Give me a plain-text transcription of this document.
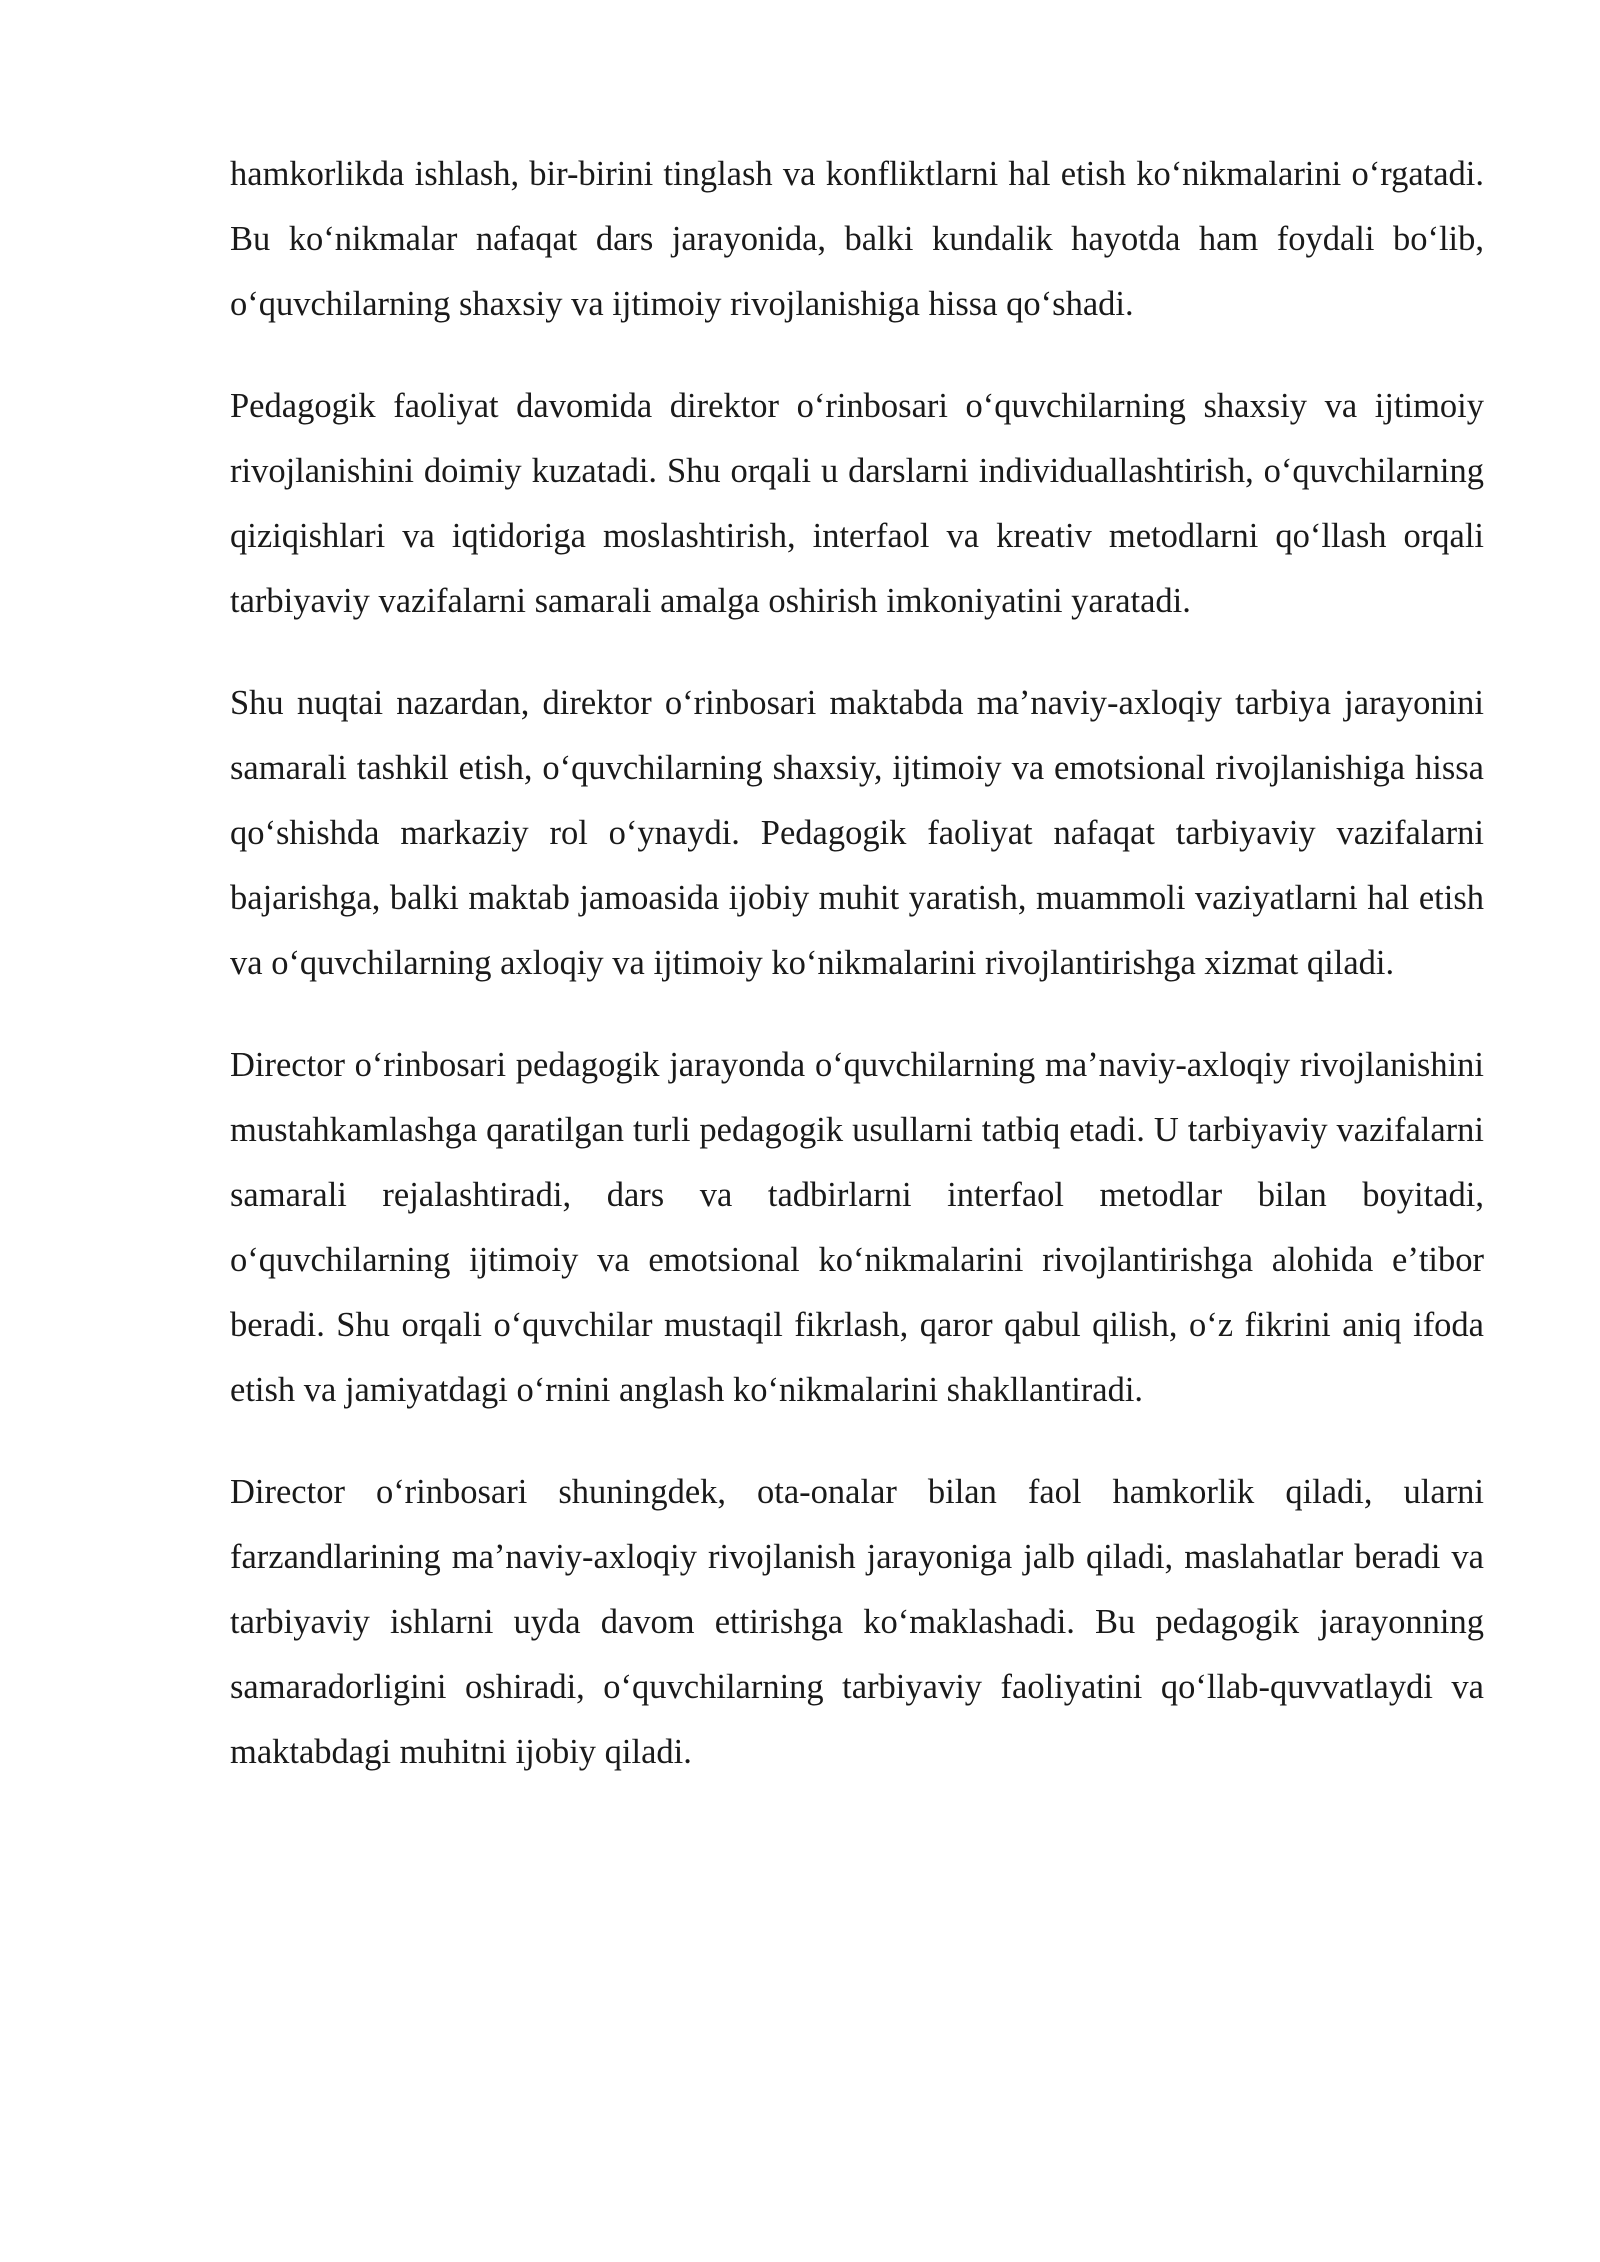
hamkorlikda ishlash, bir-birini tinglash va konfliktlarni hal etish koʻnikmalarini oʻrgatadi. Bu koʻnikmalar nafaqat dars jarayonida, balki kundalik hayotda ham foydali boʻlib, oʻquvchilarning shaxsiy va ijtimoiy rivojlanishiga hissa qoʻshadi.

Pedagogik faoliyat davomida direktor oʻrinbosari oʻquvchilarning shaxsiy va ijtimoiy rivojlanishini doimiy kuzatadi. Shu orqali u darslarni individuallashtirish, oʻquvchilarning qiziqishlari va iqtidoriga moslashtirish, interfaol va kreativ metodlarni qoʻllash orqali tarbiyaviy vazifalarni samarali amalga oshirish imkoniyatini yaratadi.

Shu nuqtai nazardan, direktor oʻrinbosari maktabda maʼnaviy-axloqiy tarbiya jarayonini samarali tashkil etish, oʻquvchilarning shaxsiy, ijtimoiy va emotsional rivojlanishiga hissa qoʻshishda markaziy rol oʻynaydi. Pedagogik faoliyat nafaqat tarbiyaviy vazifalarni bajarishga, balki maktab jamoasida ijobiy muhit yaratish, muammoli vaziyatlarni hal etish va oʻquvchilarning axloqiy va ijtimoiy koʻnikmalarini rivojlantirishga xizmat qiladi.

Director oʻrinbosari pedagogik jarayonda oʻquvchilarning maʼnaviy-axloqiy rivojlanishini mustahkamlashga qaratilgan turli pedagogik usullarni tatbiq etadi. U tarbiyaviy vazifalarni samarali rejalashtiradi, dars va tadbirlarni interfaol metodlar bilan boyitadi, oʻquvchilarning ijtimoiy va emotsional koʻnikmalarini rivojlantirishga alohida eʼtibor beradi. Shu orqali oʻquvchilar mustaqil fikrlash, qaror qabul qilish, oʻz fikrini aniq ifoda etish va jamiyatdagi oʻrnini anglash koʻnikmalarini shakllantiradi.

Director oʻrinbosari shuningdek, ota-onalar bilan faol hamkorlik qiladi, ularni farzandlarining maʼnaviy-axloqiy rivojlanish jarayoniga jalb qiladi, maslahatlar beradi va tarbiyaviy ishlarni uyda davom ettirishga koʻmaklashadi. Bu pedagogik jarayonning samaradorligini oshiradi, oʻquvchilarning tarbiyaviy faoliyatini qoʻllab-quvvatlaydi va maktabdagi muhitni ijobiy qiladi.
